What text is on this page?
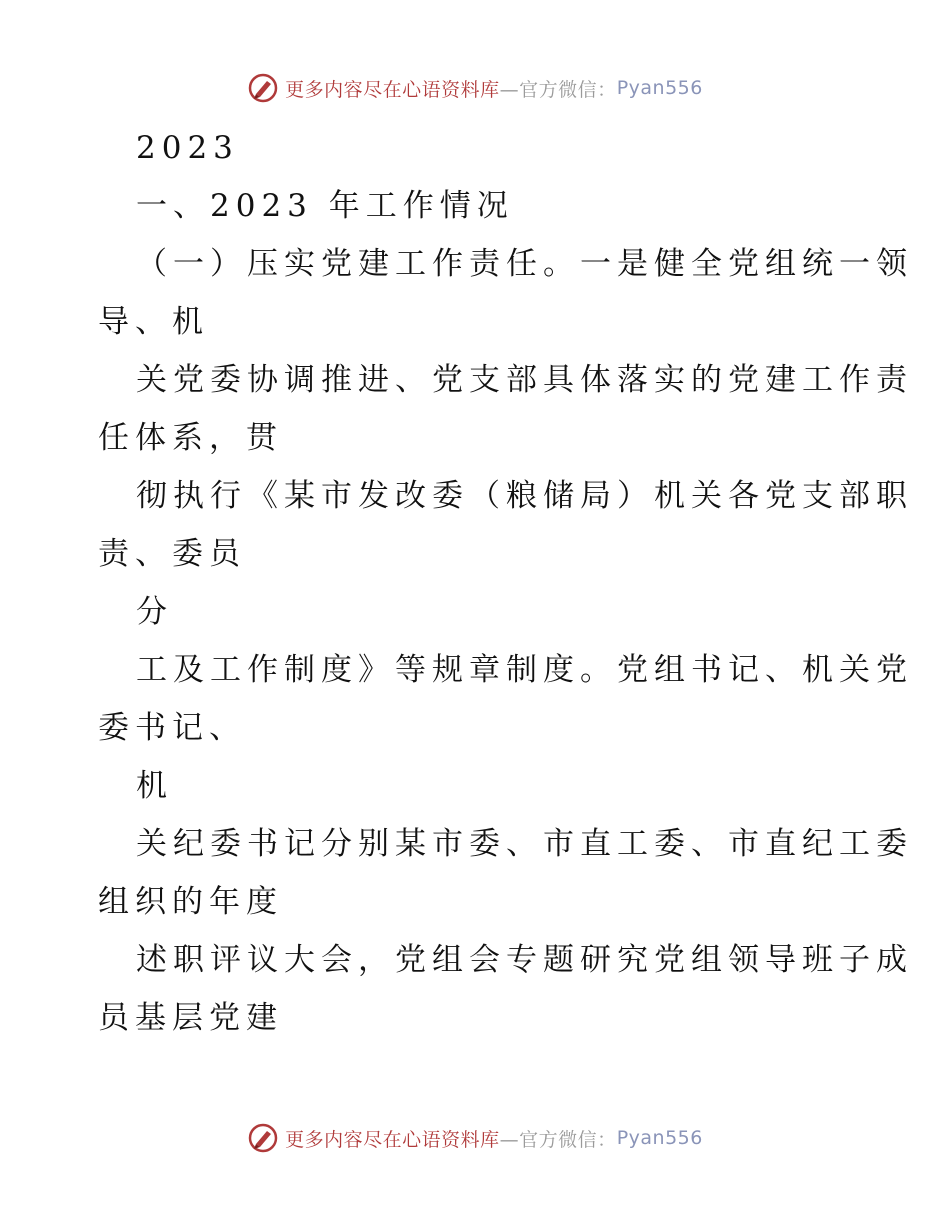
更多内容尽在心语资料库 —官方微信： Pyan556
2023
一、2023 年工作情况
（一）压实党建工作责任。一是健全党组统一领
导、机
关党委协调推进、党支部具体落实的党建工作责
任体系，贯
彻执行《某市发改委（粮储局）机关各党支部职
责、委员
分
工及工作制度》等规章制度。党组书记、机关党
委书记、
机
关纪委书记分别某市委、市直工委、市直纪工委
组织的年度
述职评议大会，党组会专题研究党组领导班子成
员基层党建
更多内容尽在心语资料库 —官方微信： Pyan556
